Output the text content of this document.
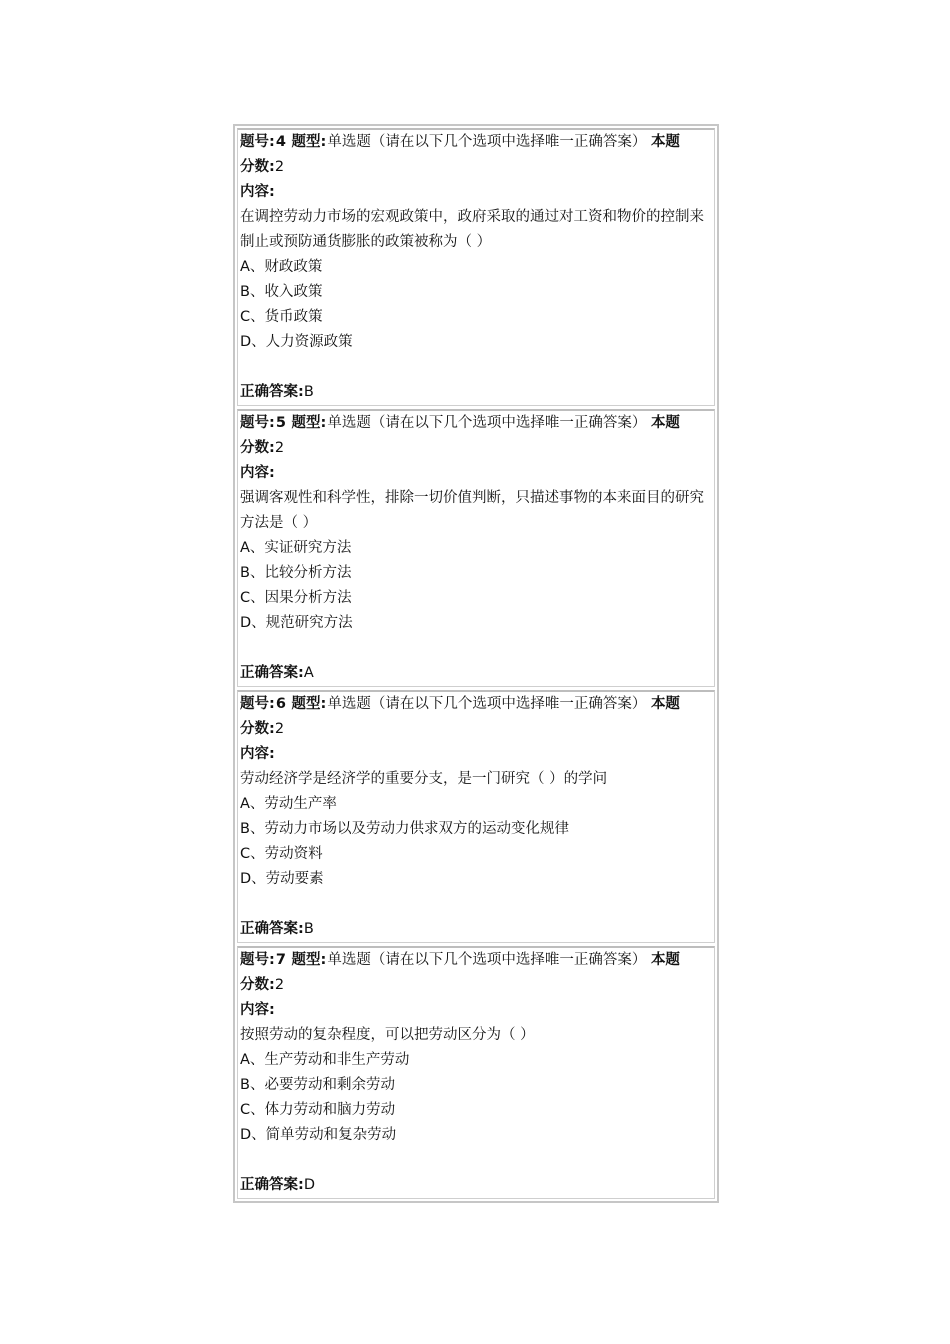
题号:4 题型:单选题（请在以下几个选项中选择唯一正确答案） 本题
分数:2
内容:
在调控劳动力市场的宏观政策中，政府采取的通过对工资和物价的控制来制止或预防通货膨胀的政策被称为（ ）
A、财政政策
B、收入政策
C、货币政策
D、人力资源政策
正确答案:B
题号:5 题型:单选题（请在以下几个选项中选择唯一正确答案） 本题
分数:2
内容:
强调客观性和科学性，排除一切价值判断，只描述事物的本来面目的研究方法是（ ）
A、实证研究方法
B、比较分析方法
C、因果分析方法
D、规范研究方法
正确答案:A
题号:6 题型:单选题（请在以下几个选项中选择唯一正确答案） 本题
分数:2
内容:
劳动经济学是经济学的重要分支，是一门研究（ ）的学问
A、劳动生产率
B、劳动力市场以及劳动力供求双方的运动变化规律
C、劳动资料
D、劳动要素
正确答案:B
题号:7 题型:单选题（请在以下几个选项中选择唯一正确答案） 本题
分数:2
内容:
按照劳动的复杂程度，可以把劳动区分为（ ）
A、生产劳动和非生产劳动
B、必要劳动和剩余劳动
C、体力劳动和脑力劳动
D、简单劳动和复杂劳动
正确答案:D
